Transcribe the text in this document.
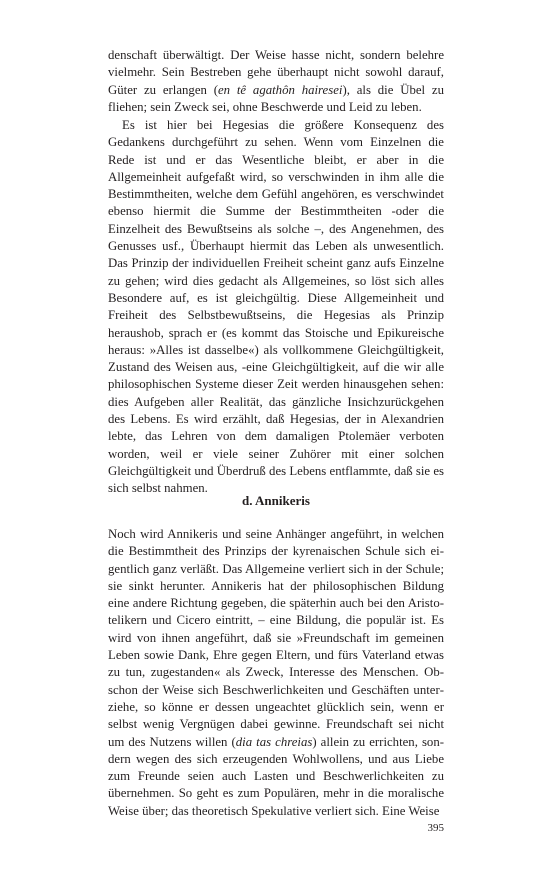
denschaft überwältigt. Der Weise hasse nicht, sondern belehre vielmehr. Sein Bestreben gehe überhaupt nicht sowohl darauf, Güter zu erlangen (en tê agathôn hairesei), als die Übel zu fliehen; sein Zweck sei, ohne Beschwerde und Leid zu leben.

Es ist hier bei Hegesias die größere Konsequenz des Gedankens durchgeführt zu sehen. Wenn vom Einzelnen die Rede ist und er das Wesentliche bleibt, er aber in die Allgemeinheit aufgefaßt wird, so verschwinden in ihm alle die Bestimmtheiten, welche dem Gefühl angehören, es verschwindet ebenso hiermit die Summe der Bestimmtheiten -oder die Einzelheit des Bewußtseins als solche –, des Angenehmen, des Genusses usf., Überhaupt hiermit das Leben als unwesentlich. Das Prinzip der individuellen Freiheit scheint ganz aufs Einzelne zu gehen; wird dies gedacht als Allgemeines, so löst sich alles Besondere auf, es ist gleichgültig. Diese Allgemeinheit und Freiheit des Selbstbewußtseins, die Hegesias als Prinzip heraushob, sprach er (es kommt das Stoische und Epikureische heraus: »Alles ist dasselbe«) als vollkommene Gleichgültigkeit, Zustand des Weisen aus, -eine Gleichgültigkeit, auf die wir alle philosophischen Systeme dieser Zeit werden hinausgehen sehen: dies Aufgeben aller Realität, das gänzliche Insichzurückgehen des Lebens. Es wird erzählt, daß Hegesias, der in Alexandrien lebte, das Lehren von dem damaligen Ptolemäer verboten worden, weil er viele seiner Zuhörer mit einer solchen Gleichgültigkeit und Überdruß des Lebens entflammte, daß sie es sich selbst nahmen.

d. Annikeris

Noch wird Annikeris und seine Anhänger angeführt, in welchen die Bestimmtheit des Prinzips der kyrenaischen Schule sich eigentlich ganz verläßt. Das Allgemeine verliert sich in der Schule; sie sinkt herunter. Annikeris hat der philosophischen Bildung eine andere Richtung gegeben, die späterhin auch bei den Aristotelikern und Cicero eintritt, – eine Bildung, die populär ist. Es wird von ihnen angeführt, daß sie »Freundschaft im gemeinen Leben sowie Dank, Ehre gegen Eltern, und fürs Vaterland etwas zu tun, zugestanden« als Zweck, Interesse des Menschen. Obschon der Weise sich Beschwerlichkeiten und Geschäften unterziehe, so könne er dessen ungeachtet glücklich sein, wenn er selbst wenig Vergnügen dabei gewinne. Freundschaft sei nicht um des Nutzens willen (dia tas chreias) allein zu errichten, sondern wegen des sich erzeugenden Wohlwollens, und aus Liebe zum Freunde seien auch Lasten und Beschwerlichkeiten zu übernehmen. So geht es zum Populären, mehr in die moralische Weise über; das theoretisch Spekulative verliert sich. Eine Weise

395
